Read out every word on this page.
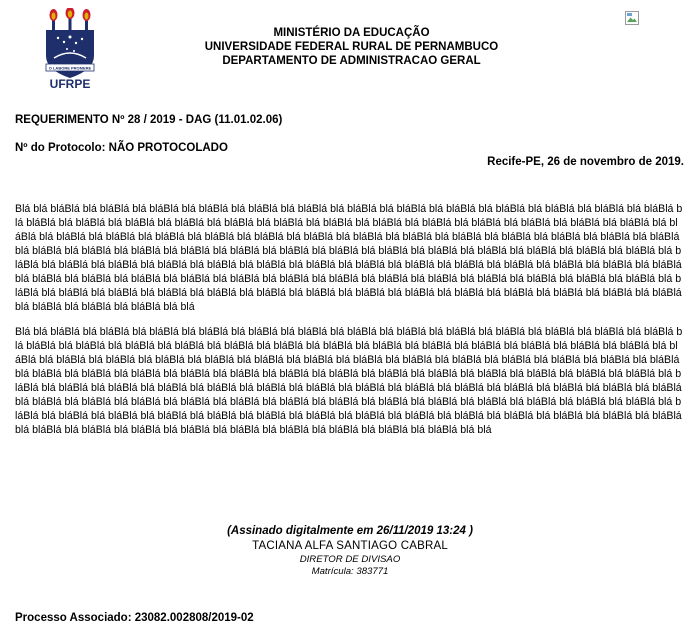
O LABORE PROMERE
UFRPE
MINISTÉRIO DA EDUCAÇÃO
UNIVERSIDADE FEDERAL RURAL DE PERNAMBUCO
DEPARTAMENTO DE ADMINISTRACAO GERAL
REQUERIMENTO Nº 28 / 2019 - DAG (11.01.02.06)
Nº do Protocolo: NÃO PROTOCOLADO
Recife-PE, 26 de novembro de 2019.
Blá blá bláBlá blá bláBlá blá bláBlá blá bláBlá blá bláBlá blá bláBlá blá bláBlá blá bláBlá blá bláBlá blá bláBlá blá bláBlá blá bláBlá blá bláBlá blá bláBlá blá bláBlá blá bláBlá blá bláBlá blá bláBlá blá bláBlá blá bláBlá blá bláBlá blá bláBlá blá bláBlá blá bláBlá blá bláBlá blá bláBlá blá bláBlá blá bláBlá blá bláBlá blá bláBlá blá bláBlá blá bláBlá blá bláBlá blá bláBlá blá bláBlá blá bláBlá blá bláBlá blá bláBlá blá bláBlá blá bláBlá blá bláBlá blá bláBlá blá bláBlá blá bláBlá blá bláBlá blá bláBlá blá bláBlá blá bláBlá blá bláBlá blá bláBlá blá bláBlá blá bláBlá blá bláBlá blá bláBlá blá bláBlá blá bláBlá blá bláBlá blá bláBlá blá bláBlá blá bláBlá blá bláBlá blá bláBlá blá bláBlá blá bláBlá blá bláBlá blá bláBlá blá bláBlá blá bláBlá blá bláBlá blá bláBlá blá bláBlá blá bláBlá blá bláBlá blá bláBlá blá bláBlá blá bláBlá blá bláBlá blá bláBlá blá bláBlá blá bláBlá blá bláBlá blá bláBlá blá bláBlá blá bláBlá blá bláBlá blá bláBlá blá bláBlá blá bláBlá blá bláBlá blá bláBlá blá bláBlá blá bláBlá blá bláBlá blá bláBlá blá bláBlá blá bláBlá blá bláBlá blá blá
Blá blá bláBlá blá bláBlá blá bláBlá blá bláBlá blá bláBlá blá bláBlá blá bláBlá blá bláBlá blá bláBlá blá bláBlá blá bláBlá blá bláBlá blá bláBlá blá bláBlá blá bláBlá blá bláBlá blá bláBlá blá bláBlá blá bláBlá blá bláBlá blá bláBlá blá bláBlá blá bláBlá blá bláBlá blá bláBlá blá bláBlá blá bláBlá blá bláBlá blá bláBlá blá bláBlá blá bláBlá blá bláBlá blá bláBlá blá bláBlá blá bláBlá blá bláBlá blá bláBlá blá bláBlá blá bláBlá blá bláBlá blá bláBlá blá bláBlá blá bláBlá blá bláBlá blá bláBlá blá bláBlá blá bláBlá blá bláBlá blá bláBlá blá bláBlá blá bláBlá blá bláBlá blá bláBlá blá bláBlá blá bláBlá blá bláBlá blá bláBlá blá bláBlá blá bláBlá blá bláBlá blá bláBlá blá bláBlá blá bláBlá blá bláBlá blá bláBlá blá bláBlá blá bláBlá blá bláBlá blá bláBlá blá bláBlá blá bláBlá blá bláBlá blá bláBlá blá bláBlá blá bláBlá blá bláBlá blá bláBlá blá bláBlá blá bláBlá blá bláBlá blá bláBlá blá bláBlá blá bláBlá blá bláBlá blá bláBlá blá bláBlá blá bláBlá blá bláBlá blá bláBlá blá bláBlá blá bláBlá blá bláBlá blá bláBlá blá bláBlá blá bláBlá blá bláBlá blá bláBlá blá bláBlá blá bláBlá blá bláBlá blá bláBlá blá bláBlá blá bláBlá blá blá
(Assinado digitalmente em 26/11/2019 13:24 )
TACIANA ALFA SANTIAGO CABRAL
DIRETOR DE DIVISAO
Matrícula: 383771
Processo Associado: 23082.002808/2019-02
